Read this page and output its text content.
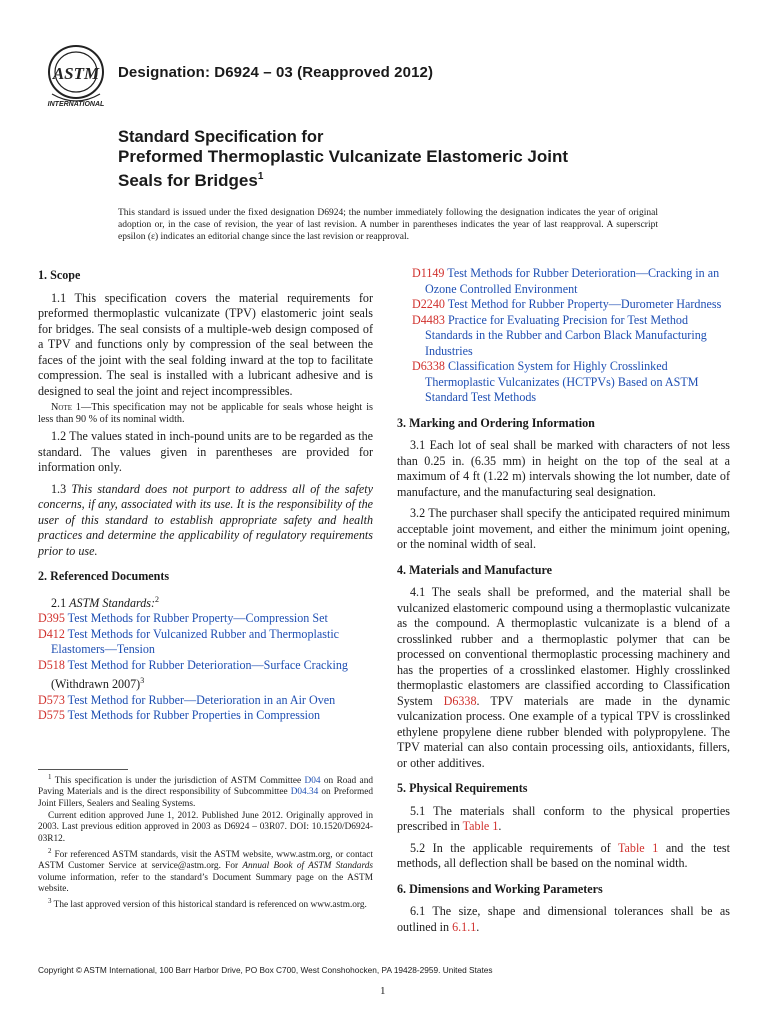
ASTM
INTERNATIONAL
Designation: D6924 – 03 (Reapproved 2012)
Standard Specification for
Preformed Thermoplastic Vulcanizate Elastomeric Joint
Seals for Bridges$^1$
This standard is issued under the fixed designation D6924; the number immediately following the designation indicates the year of original adoption or, in the case of revision, the year of last revision. A number in parentheses indicates the year of last reapproval. A superscript epsilon (ε) indicates an editorial change since the last revision or reapproval.
1. Scope

1.1 This specification covers the material requirements for preformed thermoplastic vulcanizate (TPV) elastomeric joint seals for bridges. The seal consists of a multiple-web design composed of a TPV and functions only by compression of the seal between the faces of the joint with the seal folding inward at the top to facilitate compression. The seal is installed with a lubricant adhesive and is designed to seal the joint and reject incompressibles.

Note 1—This specification may not be applicable for seals whose height is less than 90 % of its nominal width.

1.2 The values stated in inch-pound units are to be regarded as the standard. The values given in parentheses are provided for information only.

1.3 This standard does not purport to address all of the safety concerns, if any, associated with its use. It is the responsibility of the user of this standard to establish appropriate safety and health practices and determine the applicability of regulatory requirements prior to use.

2. Referenced Documents

2.1 ASTM Standards:$^2$

D395 Test Methods for Rubber Property—Compression Set

D412 Test Methods for Vulcanized Rubber and Thermoplastic Elastomers—Tension

D518 Test Method for Rubber Deterioration—Surface Cracking (Withdrawn 2007)$^3$

D573 Test Method for Rubber—Deterioration in an Air Oven

D575 Test Methods for Rubber Properties in Compression

$^1$ This specification is under the jurisdiction of ASTM Committee D04 on Road and Paving Materials and is the direct responsibility of Subcommittee D04.34 on Preformed Joint Fillers, Sealers and Sealing Systems.

Current edition approved June 1, 2012. Published June 2012. Originally approved in 2003. Last previous edition approved in 2003 as D6924 – 03R07. DOI: 10.1520/D6924-03R12.

$^2$ For referenced ASTM standards, visit the ASTM website, www.astm.org, or contact ASTM Customer Service at service@astm.org. For Annual Book of ASTM Standards volume information, refer to the standard’s Document Summary page on the ASTM website.

$^3$ The last approved version of this historical standard is referenced on www.astm.org.

D1149 Test Methods for Rubber Deterioration—Cracking in an Ozone Controlled Environment

D2240 Test Method for Rubber Property—Durometer Hardness

D4483 Practice for Evaluating Precision for Test Method Standards in the Rubber and Carbon Black Manufacturing Industries

D6338 Classification System for Highly Crosslinked Thermoplastic Vulcanizates (HCTPVs) Based on ASTM Standard Test Methods

3. Marking and Ordering Information

3.1 Each lot of seal shall be marked with characters of not less than 0.25 in. (6.35 mm) in height on the top of the seal at a maximum of 4 ft (1.22 m) intervals showing the lot number, date of manufacture, and the manufacturing seal designation.

3.2 The purchaser shall specify the anticipated required minimum acceptable joint movement, and either the minimum joint opening, or the nominal width of seal.

4. Materials and Manufacture

4.1 The seals shall be preformed, and the material shall be vulcanized elastomeric compound using a thermoplastic vulcanizate as the compound. A thermoplastic vulcanizate is a blend of a crosslinked rubber and a thermoplastic polymer that can be processed on conventional thermoplastic processing machinery and has the properties of a crosslinked elastomer. Highly crosslinked thermoplastic elastomers are classified according to Classification System D6338. TPV materials are made in the dynamic vulcanization process. One example of a typical TPV is crosslinked ethylene propylene diene rubber blended with polypropylene. The TPV material can also contain processing oils, antioxidants, fillers, or other additives.

5. Physical Requirements

5.1 The materials shall conform to the physical properties prescribed in Table 1.

5.2 In the applicable requirements of Table 1 and the test methods, all deflection shall be based on the nominal width.

6. Dimensions and Working Parameters

6.1 The size, shape and dimensional tolerances shall be as outlined in 6.1.1.

Copyright © ASTM International, 100 Barr Harbor Drive, PO Box C700, West Conshohocken, PA 19428-2959. United States
1
